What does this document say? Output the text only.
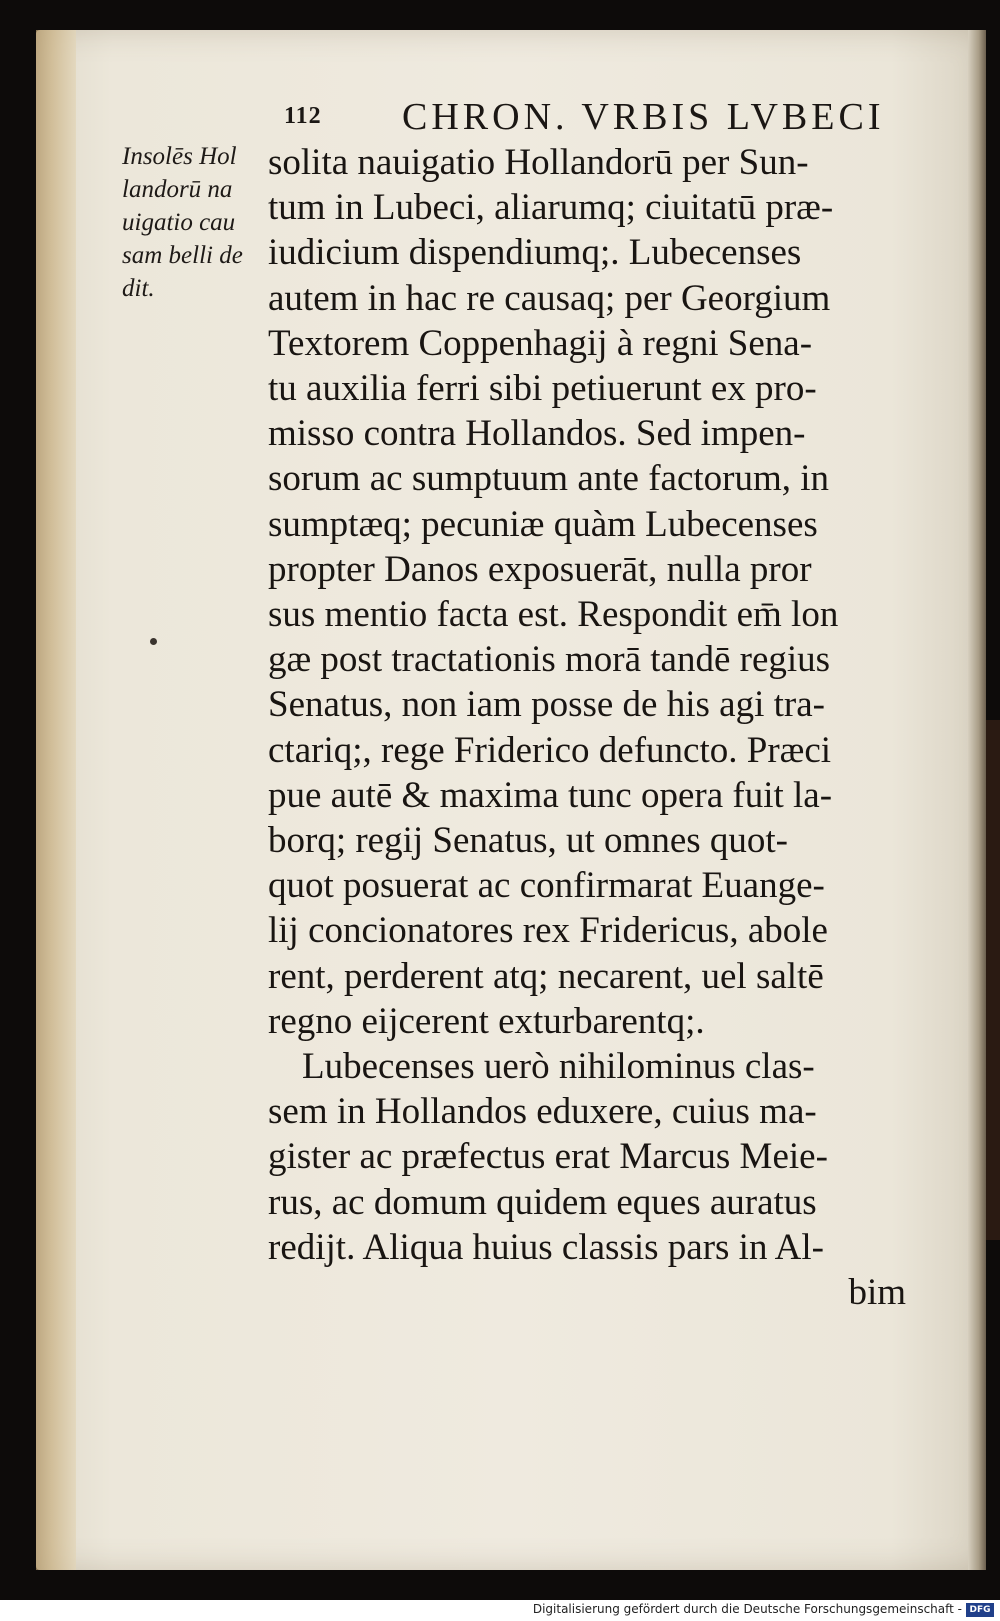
112 CHRON. VRBIS LVBECI
Insolēs Hol
landorū na
uigatio cau
sam belli de
dit.
solita nauigatio Hollandorū per Sun-
tum in Lubeci, aliarumq; ciuitatū præ-
iudicium dispendiumq;. Lubecenses
autem in hac re causaq; per Georgium
Textorem Coppenhagij à regni Sena-
tu auxilia ferri sibi petiuerunt ex pro-
misso contra Hollandos. Sed impen-
sorum ac sumptuum ante factorum, in
sumptæq; pecuniæ quàm Lubecenses
propter Danos exposuerāt, nulla pror
sus mentio facta est. Respondit em̄ lon
gæ post tractationis morā tandē regius
Senatus, non iam posse de his agi tra-
ctariq;, rege Friderico defuncto. Præci
pue autē & maxima tunc opera fuit la-
borq; regij Senatus, ut omnes quot-
quot posuerat ac confirmarat Euange-
lij concionatores rex Fridericus, abole
rent, perderent atq; necarent, uel saltē
regno eijcerent exturbarentq;.
Lubecenses uerò nihilominus clas-
sem in Hollandos eduxere, cuius ma-
gister ac præfectus erat Marcus Meie-
rus, ac domum quidem eques auratus
redijt. Aliqua huius classis pars in Al-
bim
Digitalisierung gefördert durch die Deutsche Forschungsgemeinschaft - DFG
